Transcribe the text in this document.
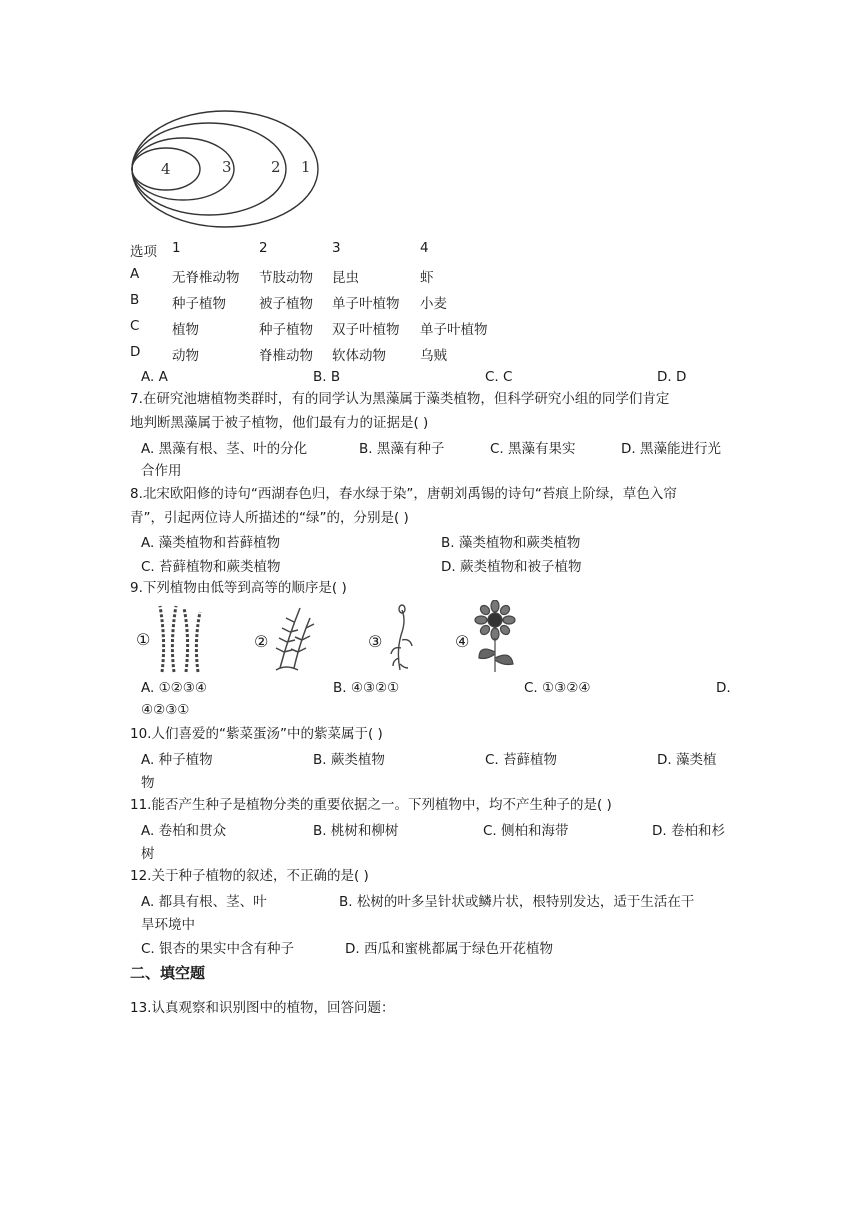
4	3	2 1
选项 1	2	3	4
A 无脊椎动物 节肢动物 昆虫	虾
B 种子植物 被子植物 单子叶植物 小麦
C 植物	种子植物 双子叶植物 单子叶植物
D 动物	脊椎动物 软体动物	乌贼
A. A	B. B	C. C	D. D
7.在研究池塘植物类群时，有的同学认为黑藻属于藻类植物，但科学研究小组的同学们肯定
地判断黑藻属于被子植物，他们最有力的证据是( )
A. 黑藻有根、茎、叶的分化	B. 黑藻有种子	C. 黑藻有果实	D. 黑藻能进行光
合作用
8.北宋欧阳修的诗句“西湖春色归，春水绿于染”，唐朝刘禹锡的诗句“苔痕上阶绿，草色入帘
青”，引起两位诗人所描述的“绿”的，分别是( )
A. 藻类植物和苔藓植物	B. 藻类植物和蕨类植物
C. 苔藓植物和蕨类植物	D. 蕨类植物和被子植物
9.下列植物由低等到高等的顺序是( )
①	②	③	④
A. ①②③④	B. ④③②①	C. ①③②④	D.
④②③①
10.人们喜爱的“紫菜蛋汤”中的紫菜属于( )
A. 种子植物	B. 蕨类植物	C. 苔藓植物	D. 藻类植
物
11.能否产生种子是植物分类的重要依据之一。下列植物中，均不产生种子的是( )
A. 卷柏和贯众	B. 桃树和柳树	C. 侧柏和海带	D. 卷柏和杉
树
12.关于种子植物的叙述，不正确的是( )
A. 都具有根、茎、叶	B. 松树的叶多呈针状或鳞片状，根特别发达，适于生活在干
旱环境中
C. 银杏的果实中含有种子	D. 西瓜和蜜桃都属于绿色开花植物
二、填空题
13.认真观察和识别图中的植物，回答问题：
